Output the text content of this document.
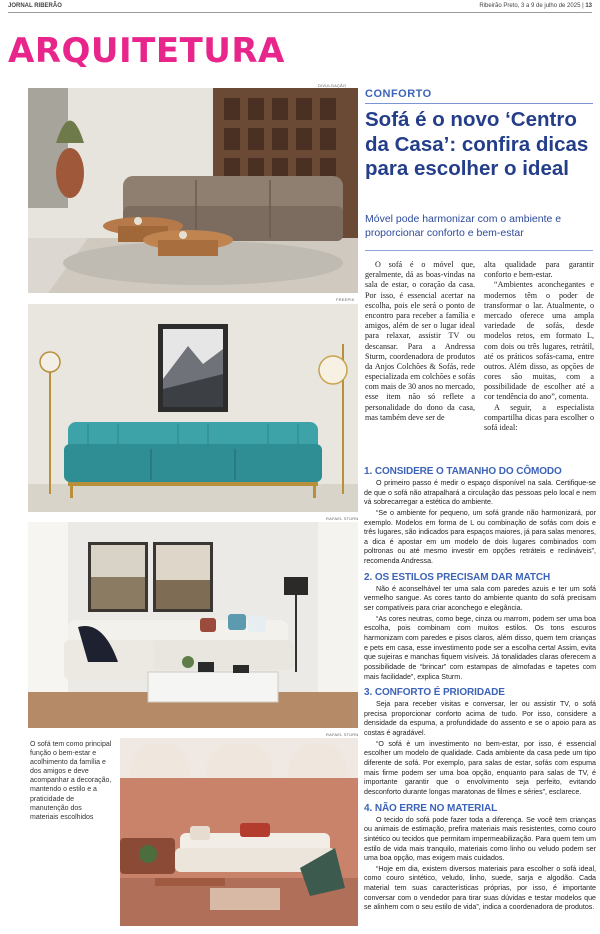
JORNAL RIBERÃO	Ribeirão Preto, 3 a 9 de julho de 2025 | 13
ARQUITETURA
DIVULGAÇÃO
FREEPIK
RAFAEL STURN
RAFAEL STURN
O sofá tem como principal função o bem-estar e acolhimento da família e dos amigos e deve acompanhar a decoração, mantendo o estilo e a praticidade de manutenção dos materiais escolhidos
CONFORTO
Sofá é o novo ‘Centro da Casa’: confira dicas para escolher o ideal
Móvel pode harmonizar com o ambiente e proporcionar conforto e bem-estar

O sofá é o móvel que, geralmente, dá as boas-vindas na sala de estar, o coração da casa. Por isso, é essencial acertar na escolha, pois ele será o ponto de encontro para receber a família e amigos, além de ser o lugar ideal para relaxar, assistir TV ou descansar. Para a Andressa Sturm, coordenadora de produtos da Anjos Colchões & Sofás, rede especializada em colchões e sofás com mais de 30 anos no mercado, esse item não só reflete a personalidade do dono da casa, mas também deve ser de

alta qualidade para garantir conforto e bem-estar.

“Ambientes aconchegantes e modernos têm o poder de transformar o lar. Atualmente, o mercado oferece uma ampla variedade de sofás, desde modelos retos, em formato L, com dois ou três lugares, retrátil, até os práticos sofás-cama, entre outros. Além disso, as opções de cores são muitas, com a possibilidade de escolher até a cor tendência do ano”, comenta.

A seguir, a especialista compartilha dicas para escolher o sofá ideal:

1. CONSIDERE O TAMANHO DO CÔMODO

O primeiro passo é medir o espaço disponível na sala. Certifique-se de que o sofá não atrapalhará a circulação das pessoas pelo local e nem vá sobrecarregar a estética do ambiente.

“Se o ambiente for pequeno, um sofá grande não harmonizará, por exemplo. Modelos em forma de L ou combinação de sofás com dois e três lugares, são indicados para espaços maiores, já para salas menores, a dica é apostar em um modelo de dois lugares combinados com poltronas ou até mesmo investir em opções retráteis e reclináveis”, recomenda Andressa.

2. OS ESTILOS PRECISAM DAR MATCH

Não é aconselhável ter uma sala com paredes azuis e ter um sofá vermelho sangue. As cores tanto do ambiente quanto do sofá precisam ser compatíveis para criar aconchego e elegância.

“As cores neutras, como bege, cinza ou marrom, podem ser uma boa escolha, pois combinam com muitos estilos. Os tons escuros harmonizam com paredes e pisos claros, além disso, quem tem crianças e pets em casa, esse investimento pode ser a escolha certa! Assim, evita que sujeiras e manchas fiquem visíveis. Já tonalidades claras oferecem a possibilidade de “brincar” com estampas de almofadas e tapetes com mais facilidade”, explica Sturm.

3. CONFORTO É PRIORIDADE

Seja para receber visitas e conversar, ler ou assistir TV, o sofá precisa proporcionar conforto acima de tudo. Por isso, considere a densidade da espuma, a profundidade do assento e se o apoio para as costas é agradável.

“O sofá é um investimento no bem-estar, por isso, é essencial escolher um modelo de qualidade. Cada ambiente da casa pede um tipo diferente de sofá. Por exemplo, para salas de estar, sofás com espuma mais firme podem ser uma boa opção, enquanto para salas de TV, é importante garantir que o envolvimento seja perfeito, evitando desconforto durante longas maratonas de filmes e séries”, esclarece.

4. NÃO ERRE NO MATERIAL

O tecido do sofá pode fazer toda a diferença. Se você tem crianças ou animais de estimação, prefira materiais mais resistentes, como couro sintético ou tecidos que permitam impermeabilização. Para quem tem um estilo de vida mais tranquilo, materiais como linho ou veludo podem ser uma boa opção, mas exigem mais cuidados.

“Hoje em dia, existem diversos materiais para escolher o sofá ideal, como couro sintético, veludo, linho, suede, sarja e algodão. Cada material tem suas características próprias, por isso, é importante conversar com o vendedor para tirar suas dúvidas e testar modelos que se alinhem com o seu estilo de vida”, indica a coordenadora de produtos.
